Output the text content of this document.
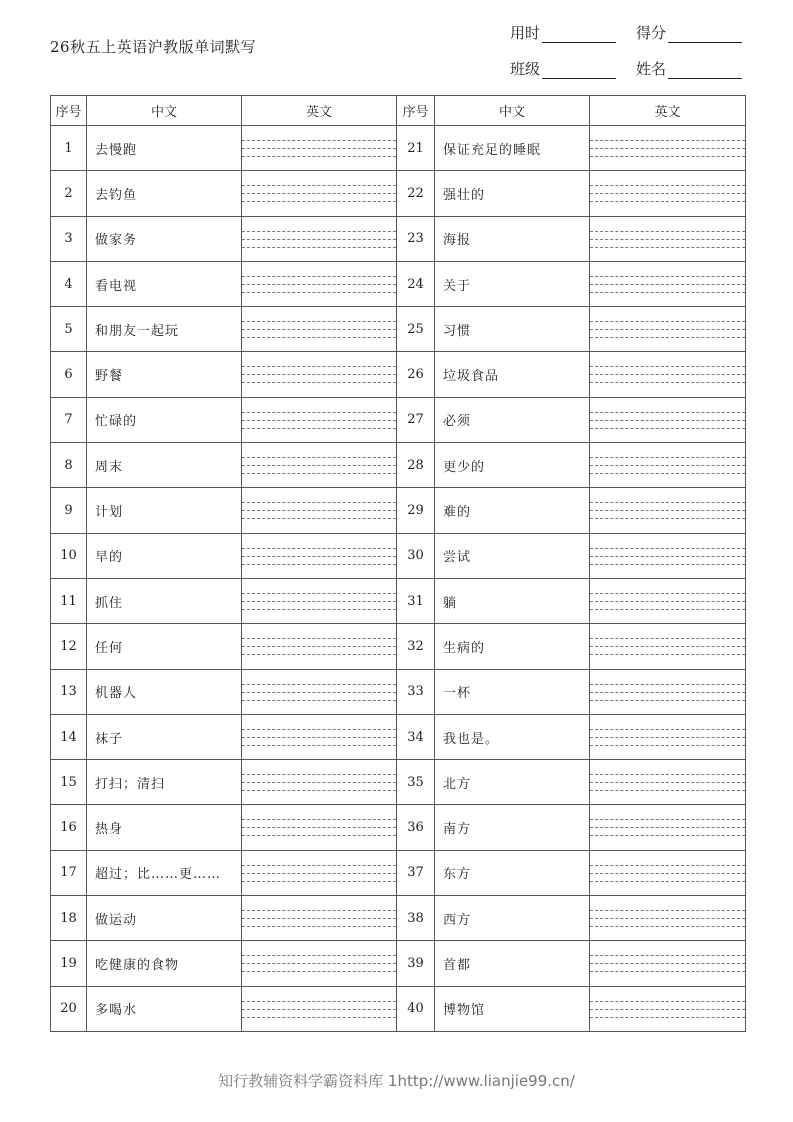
26秋五上英语沪教版单词默写
用时	得分
班级	姓名
序号	中文	英文	序号	中文	英文
1	去慢跑		21	保证充足的睡眠	

2	去钓鱼		22	强壮的	

3	做家务		23	海报	

4	看电视		24	关于	

5	和朋友一起玩		25	习惯	

6	野餐		26	垃圾食品	

7	忙碌的		27	必须	

8	周末		28	更少的	

9	计划		29	难的	

10	早的		30	尝试	

11	抓住		31	躺	

12	任何		32	生病的	

13	机器人		33	一杯	

14	袜子		34	我也是。	

15	打扫；清扫		35	北方	

16	热身		36	南方	

17	超过；比……更……		37	东方	

18	做运动		38	西方	

19	吃健康的食物		39	首都	

20	多喝水		40	博物馆	
知行教辅资料学霸资料库 1http://www.lianjie99.cn/
